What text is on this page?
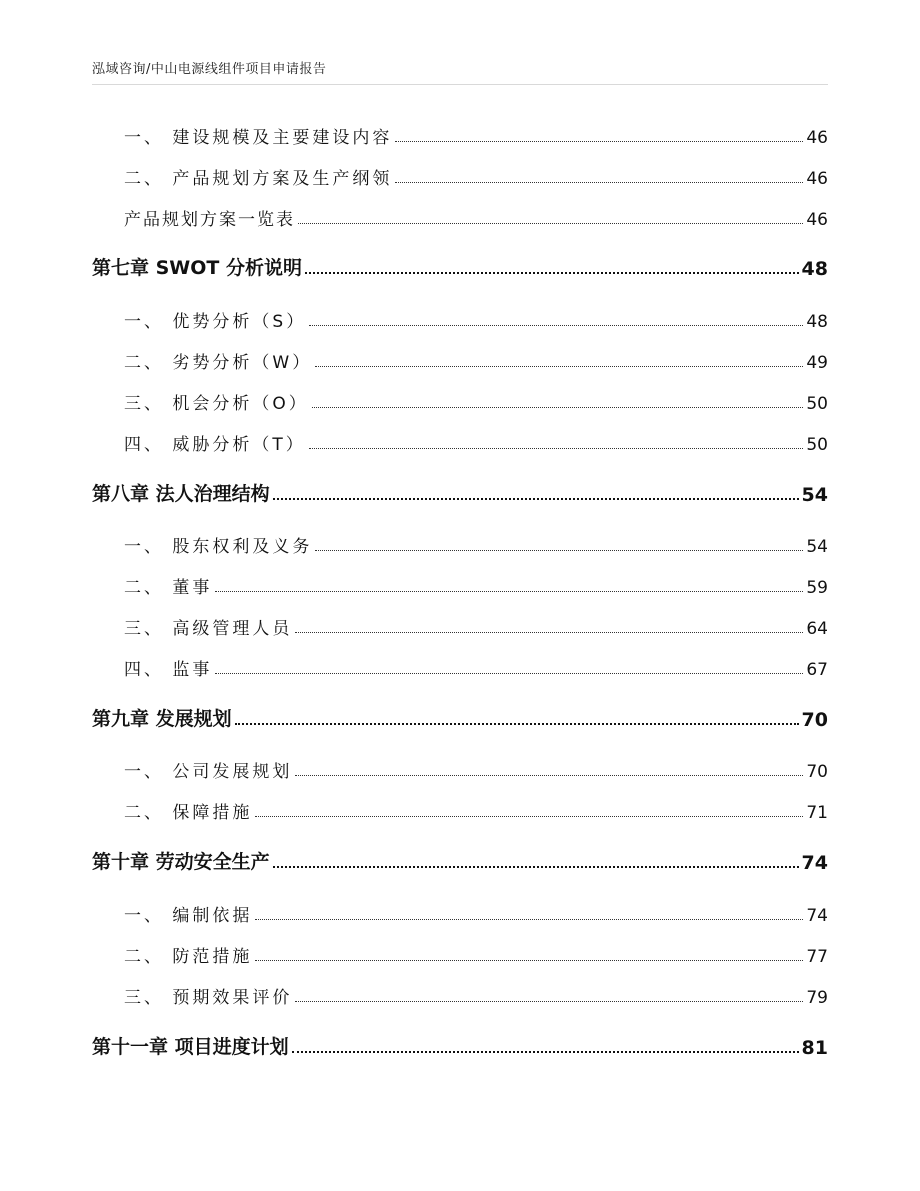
泓域咨询/中山电源线组件项目申请报告
一、 建设规模及主要建设内容	46
二、 产品规划方案及生产纲领	46
产品规划方案一览表	46
第七章 SWOT 分析说明	48
一、 优势分析（S）	48
二、 劣势分析（W）	49
三、 机会分析（O）	50
四、 威胁分析（T）	50
第八章 法人治理结构	54
一、 股东权利及义务	54
二、 董事	59
三、 高级管理人员	64
四、 监事	67
第九章 发展规划	70
一、 公司发展规划	70
二、 保障措施	71
第十章 劳动安全生产	74
一、 编制依据	74
二、 防范措施	77
三、 预期效果评价	79
第十一章 项目进度计划	81
